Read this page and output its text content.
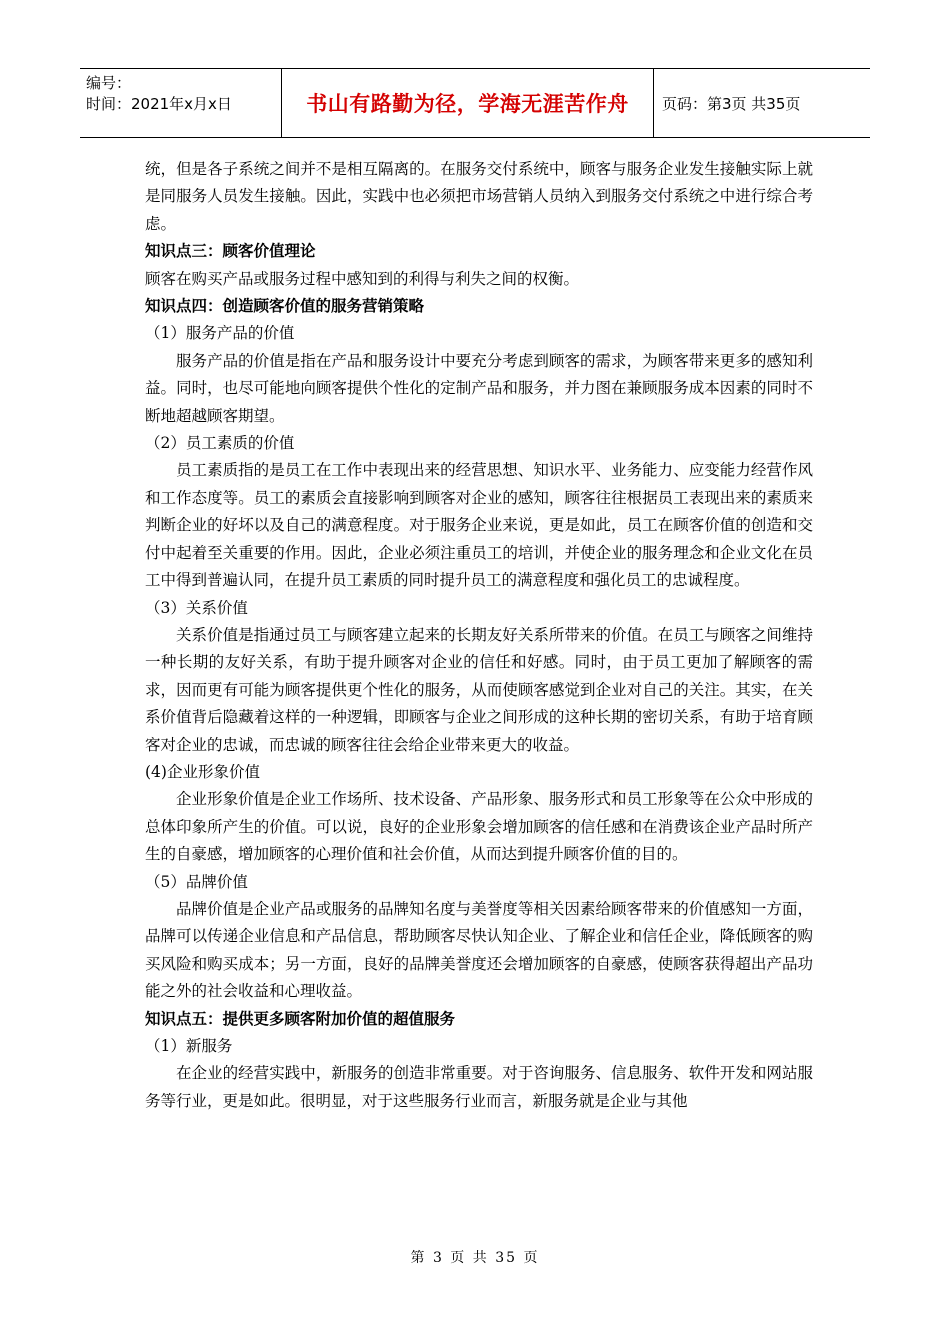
编号：
时间：2021年x月x日	书山有路勤为径，学海无涯苦作舟	页码：第3页 共35页

统，但是各子系统之间并不是相互隔离的。在服务交付系统中，顾客与服务企业发生接触实际上就是同服务人员发生接触。因此，实践中也必须把市场营销人员纳入到服务交付系统之中进行综合考虑。

知识点三：顾客价值理论

顾客在购买产品或服务过程中感知到的利得与利失之间的权衡。

知识点四：创造顾客价值的服务营销策略

（1）服务产品的价值

服务产品的价值是指在产品和服务设计中要充分考虑到顾客的需求，为顾客带来更多的感知利益。同时，也尽可能地向顾客提供个性化的定制产品和服务，并力图在兼顾服务成本因素的同时不断地超越顾客期望。

（2）员工素质的价值

员工素质指的是员工在工作中表现出来的经营思想、知识水平、业务能力、应变能力经营作风和工作态度等。员工的素质会直接影响到顾客对企业的感知，顾客往往根据员工表现出来的素质来判断企业的好坏以及自己的满意程度。对于服务企业来说，更是如此，员工在顾客价值的创造和交付中起着至关重要的作用。因此，企业必须注重员工的培训，并使企业的服务理念和企业文化在员工中得到普遍认同，在提升员工素质的同时提升员工的满意程度和强化员工的忠诚程度。

（3）关系价值

关系价值是指通过员工与顾客建立起来的长期友好关系所带来的价值。在员工与顾客之间维持一种长期的友好关系，有助于提升顾客对企业的信任和好感。同时，由于员工更加了解顾客的需求，因而更有可能为顾客提供更个性化的服务，从而使顾客感觉到企业对自己的关注。其实，在关系价值背后隐藏着这样的一种逻辑，即顾客与企业之间形成的这种长期的密切关系，有助于培育顾客对企业的忠诚，而忠诚的顾客往往会给企业带来更大的收益。

(4)企业形象价值

企业形象价值是企业工作场所、技术设备、产品形象、服务形式和员工形象等在公众中形成的总体印象所产生的价值。可以说，良好的企业形象会增加顾客的信任感和在消费该企业产品时所产生的自豪感，增加顾客的心理价值和社会价值，从而达到提升顾客价值的目的。

（5）品牌价值

品牌价值是企业产品或服务的品牌知名度与美誉度等相关因素给顾客带来的价值感知一方面，品牌可以传递企业信息和产品信息，帮助顾客尽快认知企业、了解企业和信任企业，降低顾客的购买风险和购买成本；另一方面，良好的品牌美誉度还会增加顾客的自豪感，使顾客获得超出产品功能之外的社会收益和心理收益。

知识点五：提供更多顾客附加价值的超值服务

（1）新服务

在企业的经营实践中，新服务的创造非常重要。对于咨询服务、信息服务、软件开发和网站服务等行业，更是如此。很明显，对于这些服务行业而言，新服务就是企业与其他

第 3 页 共 35 页
